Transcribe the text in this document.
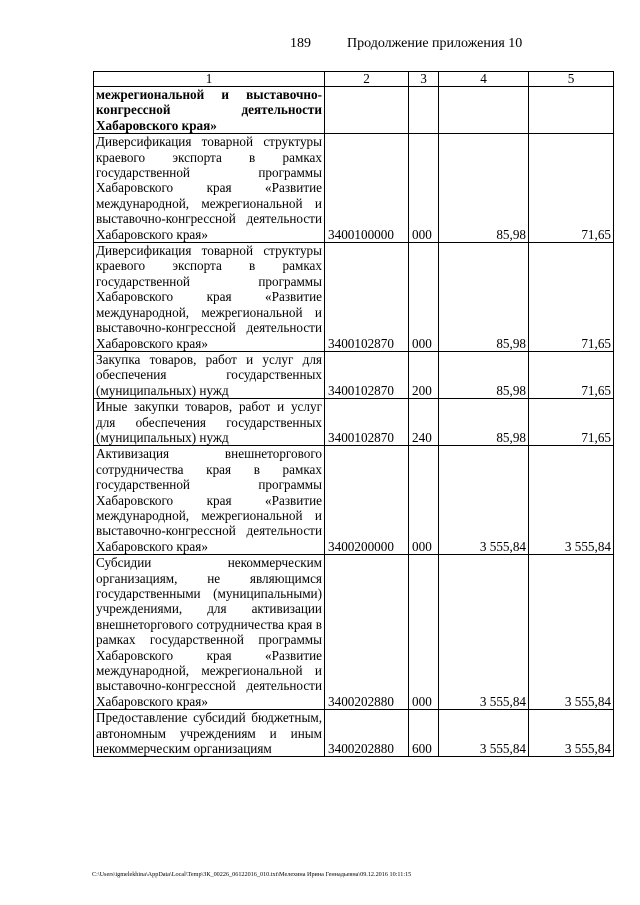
189	Продолжение приложения 10
1	2	3	4	5
межрегиональной и выставочно-конгрессной деятельности Хабаровского края»				
Диверсификация товарной структуры краевого экспорта в рамках государственной программы Хабаровского края «Развитие международной, межрегиональной и выставочно-конгрессной деятельности Хабаровского края»	3400100000	000	85,98	71,65
Диверсификация товарной структуры краевого экспорта в рамках государственной программы Хабаровского края «Развитие международной, межрегиональной и выставочно-конгрессной деятельности Хабаровского края»	3400102870	000	85,98	71,65
Закупка товаров, работ и услуг для обеспечения государственных (муниципальных) нужд	3400102870	200	85,98	71,65
Иные закупки товаров, работ и услуг для обеспечения государственных (муниципальных) нужд	3400102870	240	85,98	71,65
Активизация внешнеторгового сотрудничества края в рамках государственной программы Хабаровского края «Развитие международной, межрегиональной и выставочно-конгрессной деятельности Хабаровского края»	3400200000	000	3 555,84	3 555,84
Субсидии некоммерческим организациям, не являющимся государственными (муниципальными) учреждениями, для активизации внешнеторгового сотрудничества края в рамках государственной программы Хабаровского края «Развитие международной, межрегиональной и выставочно-конгрессной деятельности Хабаровского края»	3400202880	000	3 555,84	3 555,84
Предоставление субсидий бюджетным, автономным учреждениям и иным некоммерческим организациям	3400202880	600	3 555,84	3 555,84
C:\Users\igmelekhina\AppData\Local\Temp\ЗК_00226_06122016_010.txt\Мелехина Ирина Геннадьевна\09.12.2016 10:11:15
